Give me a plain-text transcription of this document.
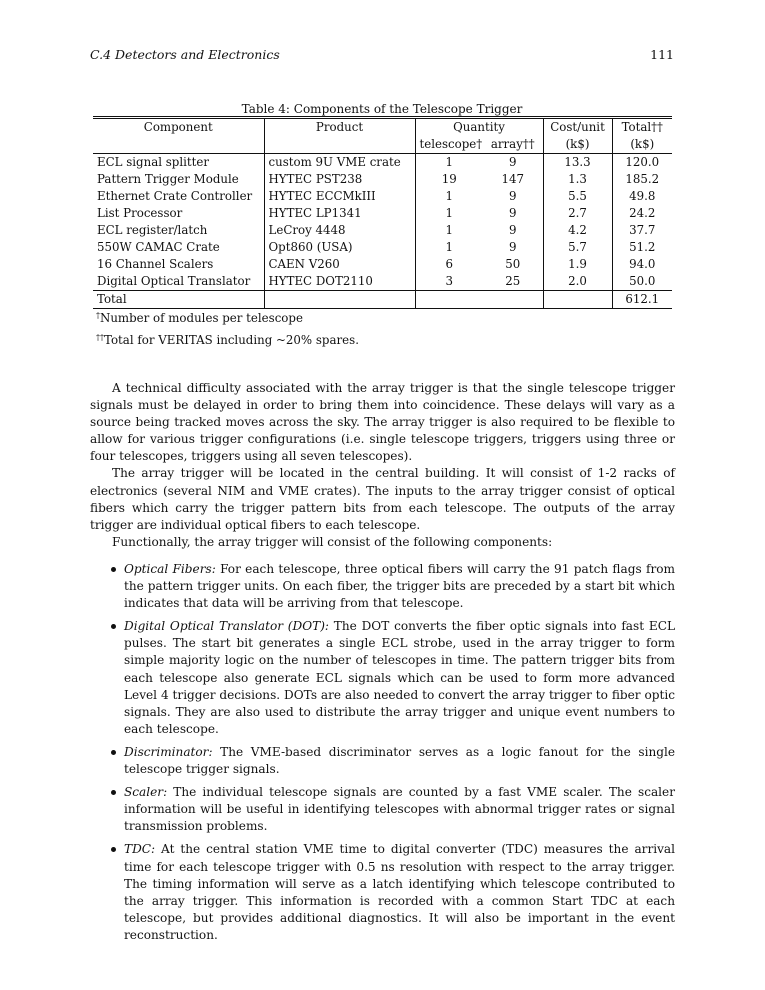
C.4 Detectors and Electronics	111
Table 4: Components of the Telescope Trigger
Component	Product	Quantity		Cost/unit	Total††
		telescope†	array††	(k$)	(k$)
ECL signal splitter	custom 9U VME crate	1	9	13.3	120.0
Pattern Trigger Module	HYTEC PST238	19	147	1.3	185.2
Ethernet Crate Controller	HYTEC ECCMkIII	1	9	5.5	49.8
List Processor	HYTEC LP1341	1	9	2.7	24.2
ECL register/latch	LeCroy 4448	1	9	4.2	37.7
550W CAMAC Crate	Opt860 (USA)	1	9	5.7	51.2
16 Channel Scalers	CAEN V260	6	50	1.9	94.0
Digital Optical Translator	HYTEC DOT2110	3	25	2.0	50.0
Total					612.1
†Number of modules per telescope
††Total for VERITAS including ~20% spares.

A technical difficulty associated with the array trigger is that the single telescope trigger signals must be delayed in order to bring them into coincidence. These delays will vary as a source being tracked moves across the sky. The array trigger is also required to be flexible to allow for various trigger configurations (i.e. single telescope triggers, triggers using three or four telescopes, triggers using all seven telescopes).

The array trigger will be located in the central building. It will consist of 1-2 racks of electronics (several NIM and VME crates). The inputs to the array trigger consist of optical fibers which carry the trigger pattern bits from each telescope. The outputs of the array trigger are individual optical fibers to each telescope.

Functionally, the array trigger will consist of the following components:

Optical Fibers: For each telescope, three optical fibers will carry the 91 patch flags from the pattern trigger units. On each fiber, the trigger bits are preceded by a start bit which indicates that data will be arriving from that telescope.
Digital Optical Translator (DOT): The DOT converts the fiber optic signals into fast ECL pulses. The start bit generates a single ECL strobe, used in the array trigger to form simple majority logic on the number of telescopes in time. The pattern trigger bits from each telescope also generate ECL signals which can be used to form more advanced Level 4 trigger decisions. DOTs are also needed to convert the array trigger to fiber optic signals. They are also used to distribute the array trigger and unique event numbers to each telescope.
Discriminator: The VME-based discriminator serves as a logic fanout for the single telescope trigger signals.
Scaler: The individual telescope signals are counted by a fast VME scaler. The scaler information will be useful in identifying telescopes with abnormal trigger rates or signal transmission problems.
TDC: At the central station VME time to digital converter (TDC) measures the arrival time for each telescope trigger with 0.5 ns resolution with respect to the array trigger. The timing information will serve as a latch identifying which telescope contributed to the array trigger. This information is recorded with a common Start TDC at each telescope, but provides additional diagnostics. It will also be important in the event reconstruction.
